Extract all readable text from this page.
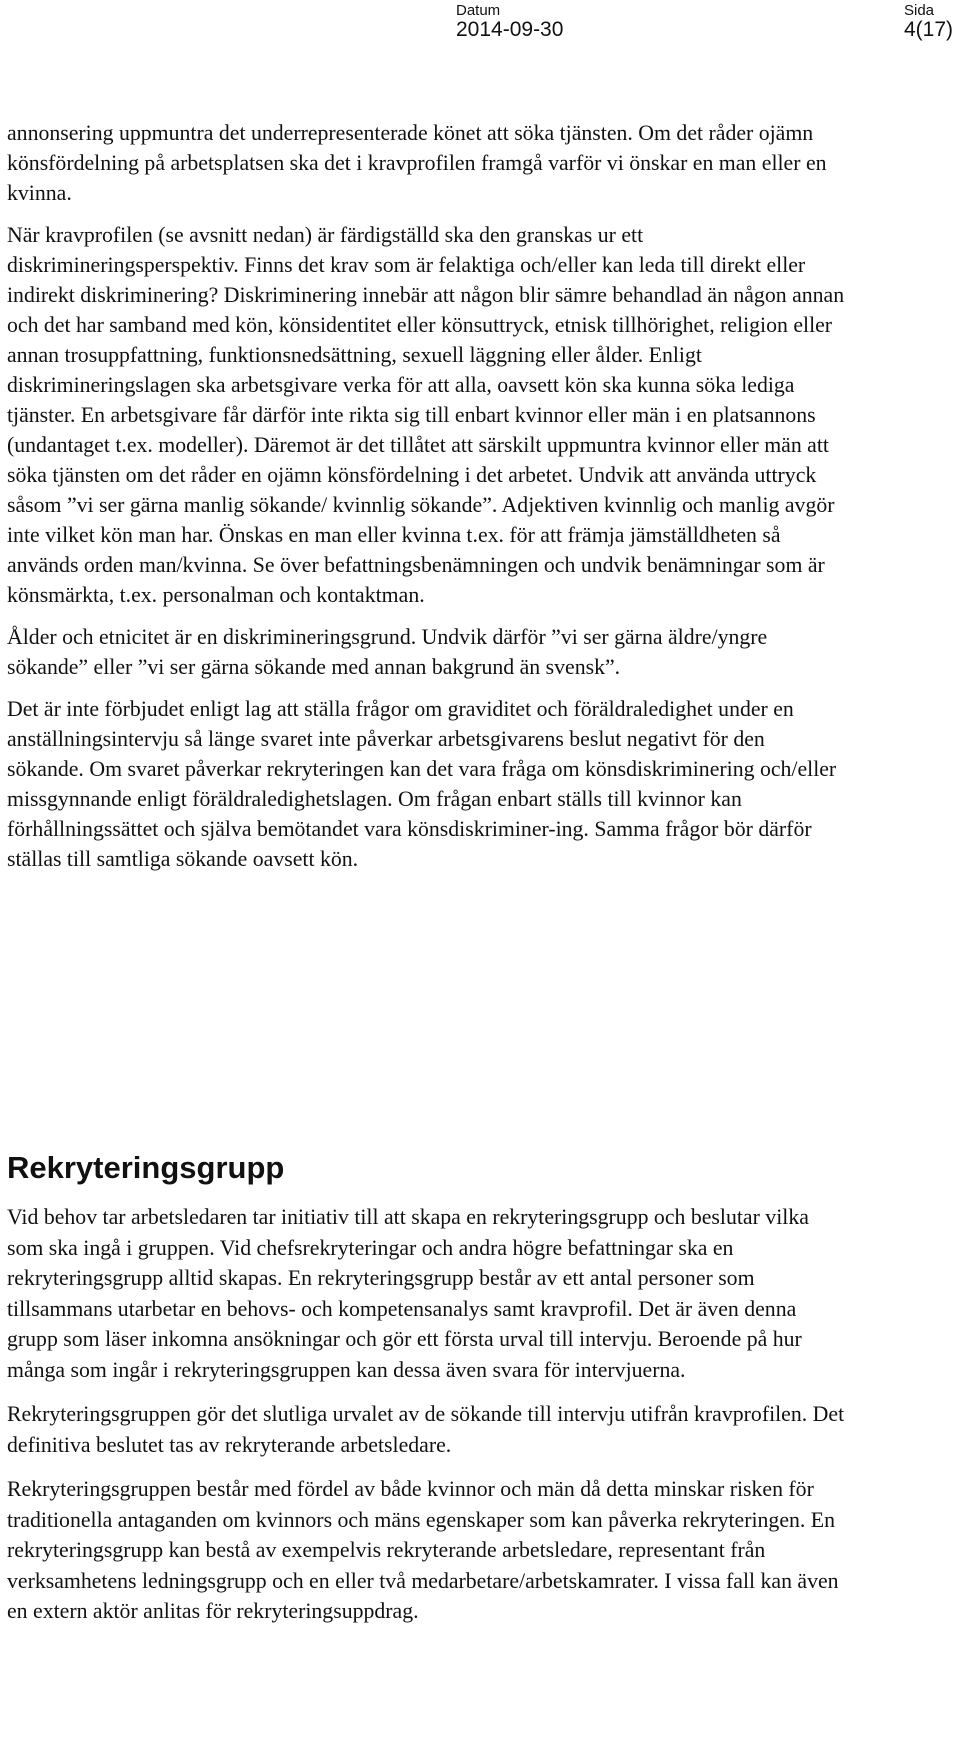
Datum
2014-09-30
Sida
4(17)

annonsering uppmuntra det underrepresenterade könet att söka tjänsten. Om det råder ojämn könsfördelning på arbetsplatsen ska det i kravprofilen framgå varför vi önskar en man eller en kvinna.

När kravprofilen (se avsnitt nedan) är färdigställd ska den granskas ur ett diskrimineringsperspektiv. Finns det krav som är felaktiga och/eller kan leda till direkt eller indirekt diskriminering? Diskriminering innebär att någon blir sämre behandlad än någon annan och det har samband med kön, könsidentitet eller könsuttryck, etnisk tillhörighet, religion eller annan trosuppfattning, funktionsnedsättning, sexuell läggning eller ålder. Enligt diskrimineringslagen ska arbetsgivare verka för att alla, oavsett kön ska kunna söka lediga tjänster. En arbetsgivare får därför inte rikta sig till enbart kvinnor eller män i en platsannons (undantaget t.ex. modeller). Däremot är det tillåtet att särskilt uppmuntra kvinnor eller män att söka tjänsten om det råder en ojämn könsfördelning i det arbetet. Undvik att använda uttryck såsom ”vi ser gärna manlig sökande/ kvinnlig sökande”. Adjektiven kvinnlig och manlig avgör inte vilket kön man har. Önskas en man eller kvinna t.ex. för att främja jämställdheten så används orden man/kvinna. Se över befattningsbenämningen och undvik benämningar som är könsmärkta, t.ex. personalman och kontaktman.

Ålder och etnicitet är en diskrimineringsgrund. Undvik därför ”vi ser gärna äldre/yngre sökande” eller ”vi ser gärna sökande med annan bakgrund än svensk”.

Det är inte förbjudet enligt lag att ställa frågor om graviditet och föräldraledighet under en anställningsintervju så länge svaret inte påverkar arbetsgivarens beslut negativt för den sökande. Om svaret påverkar rekryteringen kan det vara fråga om könsdiskriminering och/eller missgynnande enligt föräldraledighetslagen. Om frågan enbart ställs till kvinnor kan förhållningssättet och själva bemötandet vara könsdiskriminer-ing. Samma frågor bör därför ställas till samtliga sökande oavsett kön.

Rekryteringsgrupp

Vid behov tar arbetsledaren tar initiativ till att skapa en rekryteringsgrupp och beslutar vilka som ska ingå i gruppen. Vid chefsrekryteringar och andra högre befattningar ska en rekryteringsgrupp alltid skapas. En rekryteringsgrupp består av ett antal personer som tillsammans utarbetar en behovs- och kompetensanalys samt kravprofil. Det är även denna grupp som läser inkomna ansökningar och gör ett första urval till intervju. Beroende på hur många som ingår i rekryteringsgruppen kan dessa även svara för intervjuerna.

Rekryteringsgruppen gör det slutliga urvalet av de sökande till intervju utifrån kravprofilen. Det definitiva beslutet tas av rekryterande arbetsledare.

Rekryteringsgruppen består med fördel av både kvinnor och män då detta minskar risken för traditionella antaganden om kvinnors och mäns egenskaper som kan påverka rekryteringen. En rekryteringsgrupp kan bestå av exempelvis rekryterande arbetsledare, representant från verksamhetens ledningsgrupp och en eller två medarbetare/arbetskamrater. I vissa fall kan även en extern aktör anlitas för rekryteringsuppdrag.
